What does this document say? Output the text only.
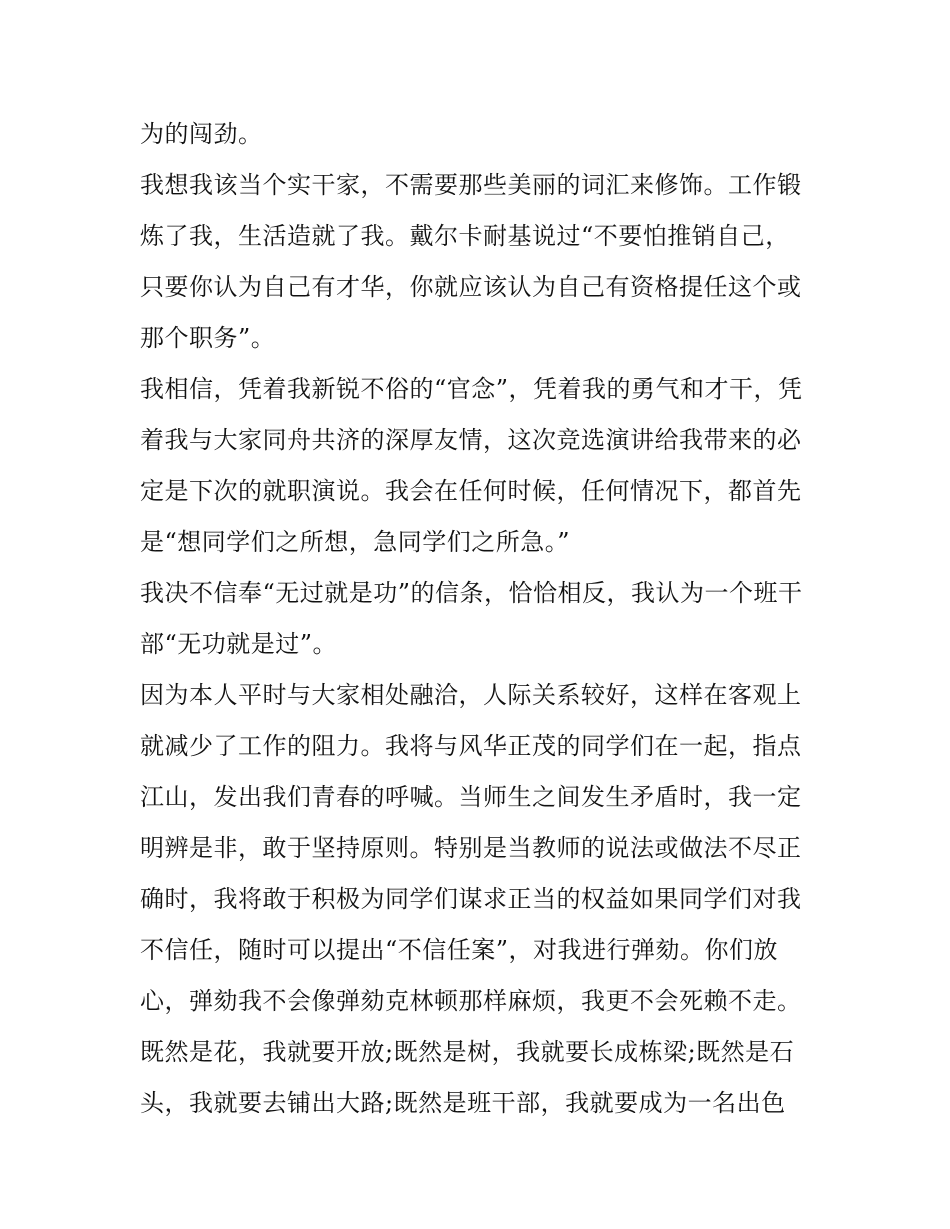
为的闯劲。
我想我该当个实干家，不需要那些美丽的词汇来修饰。工作锻
炼了我，生活造就了我。戴尔卡耐基说过“不要怕推销自己，
只要你认为自己有才华，你就应该认为自己有资格提任这个或
那个职务”。
我相信，凭着我新锐不俗的“官念”，凭着我的勇气和才干，凭
着我与大家同舟共济的深厚友情，这次竞选演讲给我带来的必
定是下次的就职演说。我会在任何时候，任何情况下，都首先
是“想同学们之所想，急同学们之所急。”
我决不信奉“无过就是功”的信条，恰恰相反，我认为一个班干
部“无功就是过”。
因为本人平时与大家相处融洽，人际关系较好，这样在客观上
就减少了工作的阻力。我将与风华正茂的同学们在一起，指点
江山，发出我们青春的呼喊。当师生之间发生矛盾时，我一定
明辨是非，敢于坚持原则。特别是当教师的说法或做法不尽正
确时，我将敢于积极为同学们谋求正当的权益如果同学们对我
不信任，随时可以提出“不信任案”，对我进行弹劾。你们放
心，弹劾我不会像弹劾克林顿那样麻烦，我更不会死赖不走。
既然是花，我就要开放;既然是树，我就要长成栋梁;既然是石
头，我就要去铺出大路;既然是班干部，我就要成为一名出色
